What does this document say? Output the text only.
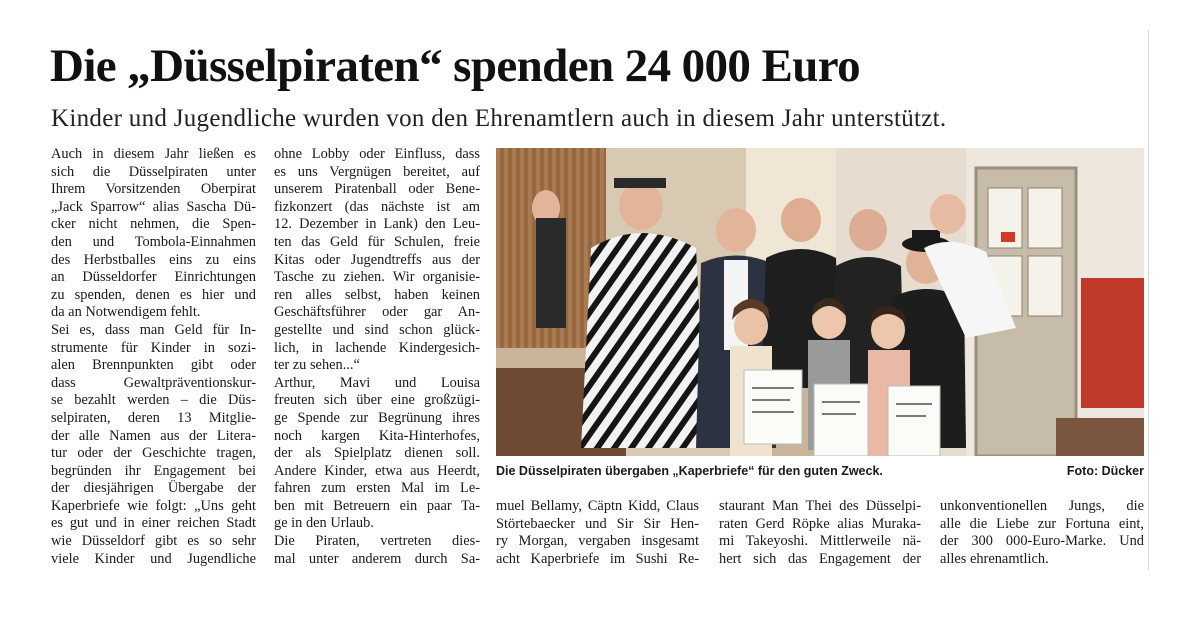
Die „Düsselpiraten“ spenden 24 000 Euro

Kinder und Jugendliche wurden von den Ehrenamtlern auch in diesem Jahr unterstützt.

Auch in diesem Jahr ließen es
sich die Düsselpiraten unter
Ihrem Vorsitzenden Oberpirat
„Jack Sparrow“ alias Sascha Dü-
cker nicht nehmen, die Spen-
den und Tombola-Einnahmen
des Herbstballes eins zu eins
an Düsseldorfer Einrichtungen
zu spenden, denen es hier und
da an Notwendigem fehlt.
Sei es, dass man Geld für In-
strumente für Kinder in sozi-
alen Brennpunkten gibt oder
dass Gewaltpräventionskur-
se bezahlt werden – die Düs-
selpiraten, deren 13 Mitglie-
der alle Namen aus der Litera-
tur oder der Geschichte tragen,
begründen ihr Engagement bei
der diesjährigen Übergabe der
Kaperbriefe wie folgt: „Uns geht
es gut und in einer reichen Stadt
wie Düsseldorf gibt es so sehr
viele Kinder und Jugendliche
ohne Lobby oder Einfluss, dass
es uns Vergnügen bereitet, auf
unserem Piratenball oder Bene-
fizkonzert (das nächste ist am
12. Dezember in Lank) den Leu-
ten das Geld für Schulen, freie
Kitas oder Jugendtreffs aus der
Tasche zu ziehen. Wir organisie-
ren alles selbst, haben keinen
Geschäftsführer oder gar An-
gestellte und sind schon glück-
lich, in lachende Kindergesich-
ter zu sehen...“
Arthur, Mavi und Louisa
freuten sich über eine großzügi-
ge Spende zur Begrünung ihres
noch kargen Kita-Hinterhofes,
der als Spielplatz dienen soll.
Andere Kinder, etwa aus Heerdt,
fahren zum ersten Mal im Le-
ben mit Betreuern ein paar Ta-
ge in den Urlaub.
Die Piraten, vertreten dies-
mal unter anderem durch Sa-
Die Düsselpiraten übergaben „Kaperbriefe“ für den guten Zweck.	Foto: Dücker
muel Bellamy, Cäptn Kidd, Claus
Störtebaecker und Sir Sir Hen-
ry Morgan, vergaben insgesamt
acht Kaperbriefe im Sushi Re-
staurant Man Thei des Düsselpi-
raten Gerd Röpke alias Muraka-
mi Takeyoshi. Mittlerweile nä-
hert sich das Engagement der
unkonventionellen Jungs, die
alle die Liebe zur Fortuna eint,
der 300 000-Euro-Marke. Und
alles ehrenamtlich.
